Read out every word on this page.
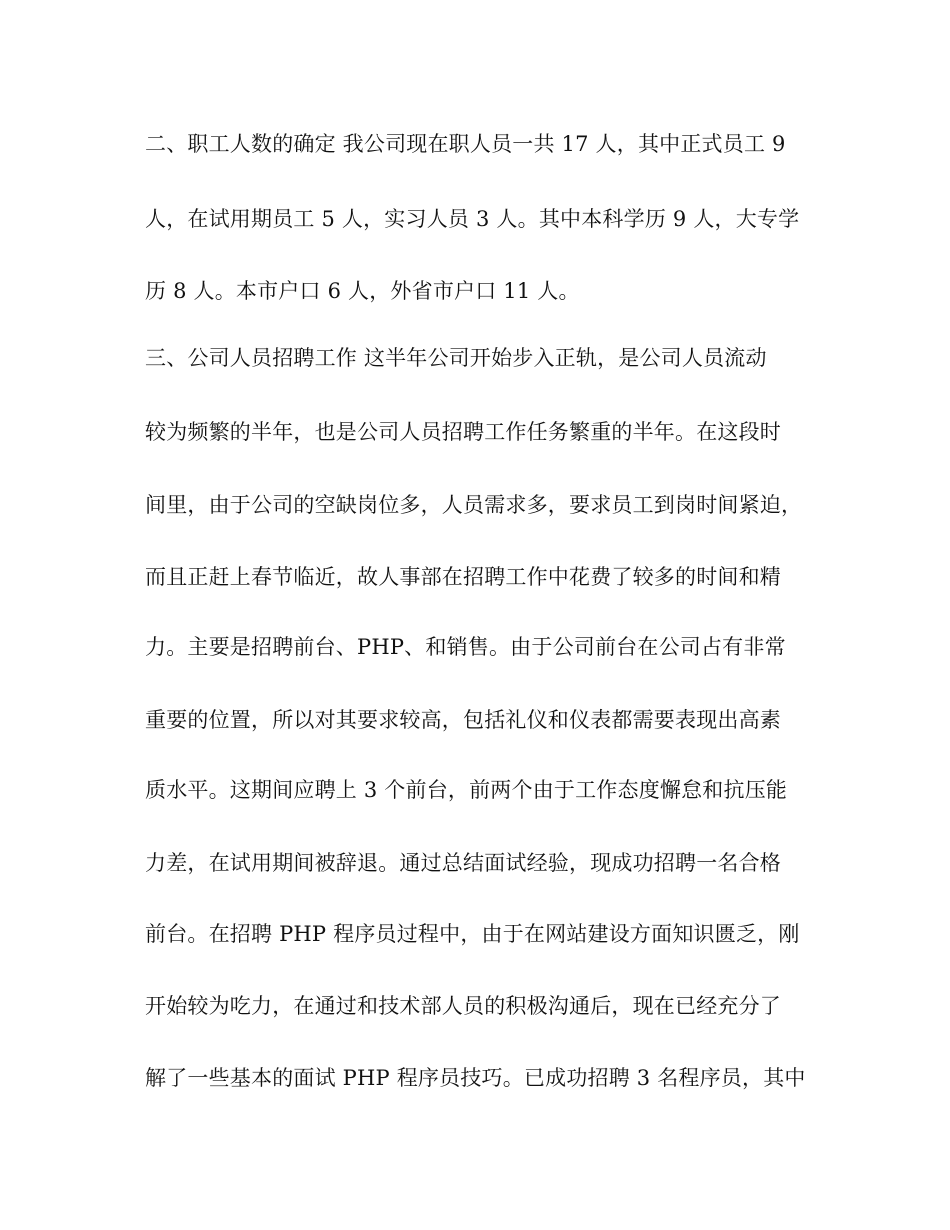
二、职工人数的确定 我公司现在职人员一共 17 人，其中正式员工 9
人，在试用期员工 5 人，实习人员 3 人。其中本科学历 9 人，大专学
历 8 人。本市户口 6 人，外省市户口 11 人。
三、公司人员招聘工作 这半年公司开始步入正轨，是公司人员流动
较为频繁的半年，也是公司人员招聘工作任务繁重的半年。在这段时
间里，由于公司的空缺岗位多，人员需求多，要求员工到岗时间紧迫，
而且正赶上春节临近，故人事部在招聘工作中花费了较多的时间和精
力。主要是招聘前台、PHP、和销售。由于公司前台在公司占有非常
重要的位置，所以对其要求较高，包括礼仪和仪表都需要表现出高素
质水平。这期间应聘上 3 个前台，前两个由于工作态度懈怠和抗压能
力差，在试用期间被辞退。通过总结面试经验，现成功招聘一名合格
前台。在招聘 PHP 程序员过程中，由于在网站建设方面知识匮乏，刚
开始较为吃力，在通过和技术部人员的积极沟通后，现在已经充分了
解了一些基本的面试 PHP 程序员技巧。已成功招聘 3 名程序员，其中
